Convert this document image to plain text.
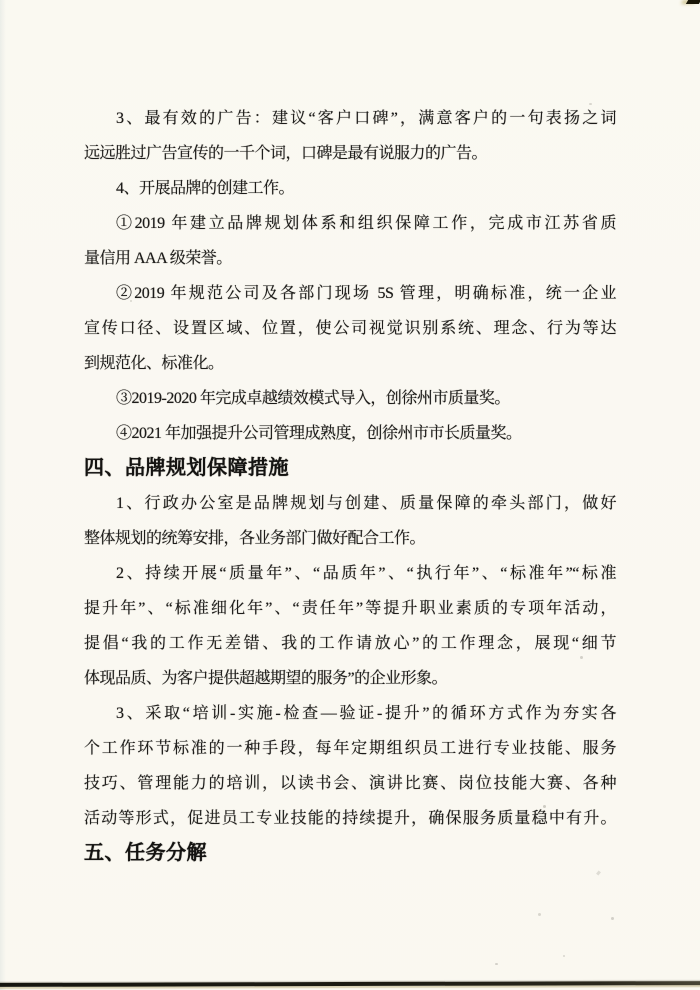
3、最有效的广告：建议“客户口碑”，满意客户的一句表扬之词
远远胜过广告宣传的一千个词，口碑是最有说服力的广告。
4、开展品牌的创建工作。
①2019 年建立品牌规划体系和组织保障工作，完成市江苏省质
量信用 AAA 级荣誉。
②2019 年规范公司及各部门现场 5S 管理，明确标准，统一企业
宣传口径、设置区域、位置，使公司视觉识别系统、理念、行为等达
到规范化、标准化。
③2019-2020 年完成卓越绩效模式导入，创徐州市质量奖。
④2021 年加强提升公司管理成熟度，创徐州市市长质量奖。
四、品牌规划保障措施
1、行政办公室是品牌规划与创建、质量保障的牵头部门，做好
整体规划的统筹安排，各业务部门做好配合工作。
2、持续开展“质量年”、“品质年”、“执行年”、“标准年”“标准
提升年”、“标准细化年”、“责任年”等提升职业素质的专项年活动，
提倡“我的工作无差错、我的工作请放心”的工作理念，展现“细节
体现品质、为客户提供超越期望的服务”的企业形象。
3、采取“培训-实施-检查—验证-提升”的循环方式作为夯实各
个工作环节标准的一种手段，每年定期组织员工进行专业技能、服务
技巧、管理能力的培训，以读书会、演讲比赛、岗位技能大赛、各种
活动等形式，促进员工专业技能的持续提升，确保服务质量稳中有升。
五、任务分解
